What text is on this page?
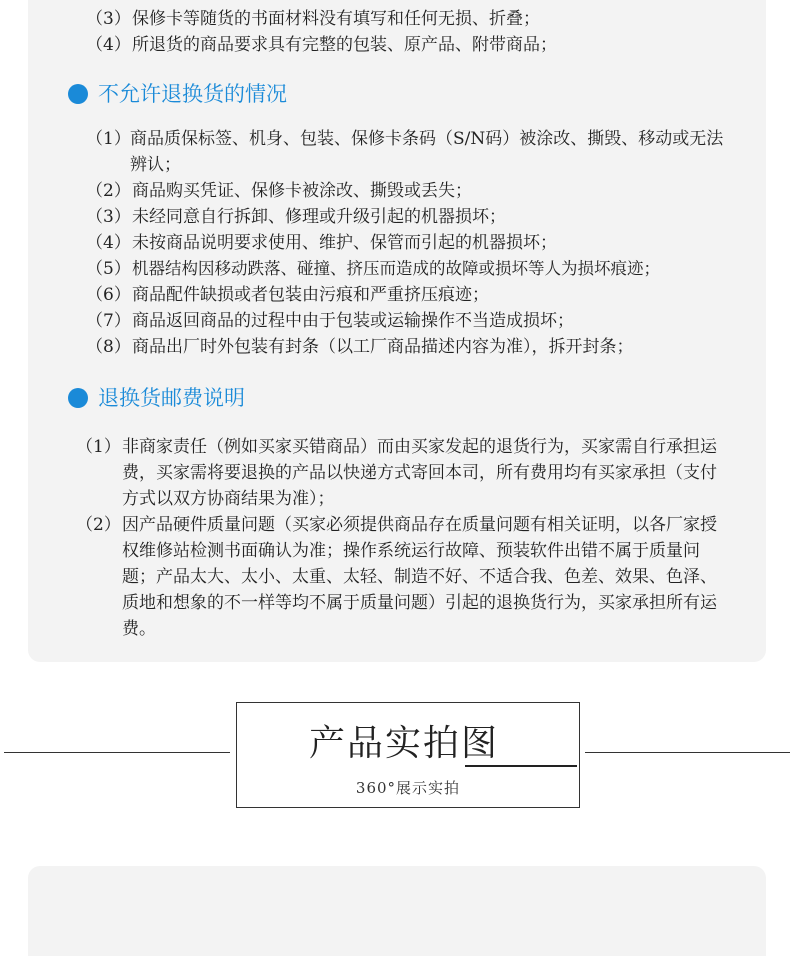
（3） 保修卡等随货的书面材料没有填写和任何无损、折叠；
（4） 所退货的商品要求具有完整的包装、原产品、附带商品；
不允许退换货的情况
（1） 商品质保标签、机身、包装、保修卡条码（S/N码）被涂改、撕毁、移动或无法辨认；
（2） 商品购买凭证、保修卡被涂改、撕毁或丢失；
（3） 未经同意自行拆卸、修理或升级引起的机器损坏；
（4） 未按商品说明要求使用、维护、保管而引起的机器损坏；
（5） 机器结构因移动跌落、碰撞、挤压而造成的故障或损坏等人为损坏痕迹；
（6） 商品配件缺损或者包装由污痕和严重挤压痕迹；
（7） 商品返回商品的过程中由于包装或运输操作不当造成损坏；
（8） 商品出厂时外包装有封条（以工厂商品描述内容为准），拆开封条；
退换货邮费说明
（1） 非商家责任（例如买家买错商品）而由买家发起的退货行为，买家需自行承担运费，买家需将要退换的产品以快递方式寄回本司，所有费用均有买家承担（支付方式以双方协商结果为准）；
（2） 因产品硬件质量问题（买家必须提供商品存在质量问题有相关证明，以各厂家授权维修站检测书面确认为准；操作系统运行故障、预装软件出错不属于质量问题；产品太大、太小、太重、太轻、制造不好、不适合我、色差、效果、色泽、质地和想象的不一样等均不属于质量问题）引起的退换货行为，买家承担所有运费。
产品实拍图
360°展示实拍
